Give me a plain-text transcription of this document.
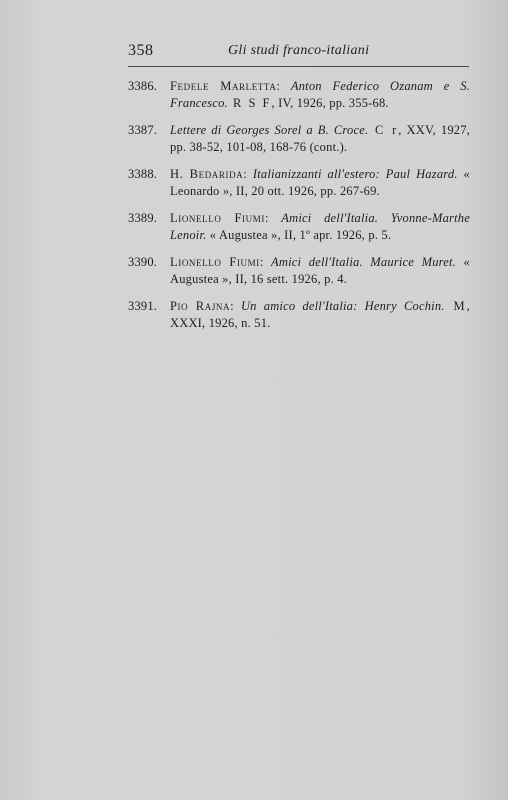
358	Gli studi franco-italiani
3386. Fedele Marletta: Anton Federico Ozanam e S. Francesco. R S F, IV, 1926, pp. 355-68.
3387. Lettere di Georges Sorel a B. Croce. C r, XXV, 1927, pp. 38-52, 101-08, 168-76 (cont.).
3388. H. Bedarida: Italianizzanti all'estero: Paul Hazard. « Leonardo », II, 20 ott. 1926, pp. 267-69.
3389. Lionello Fiumi: Amici dell'Italia. Yvonne-Marthe Lenoir. « Augustea », II, 1º apr. 1926, p. 5.
3390. Lionello Fiumi: Amici dell'Italia. Maurice Muret. « Augustea », II, 16 sett. 1926, p. 4.
3391. Pio Rajna: Un amico dell'Italia: Henry Cochin. M, XXXI, 1926, n. 51.
